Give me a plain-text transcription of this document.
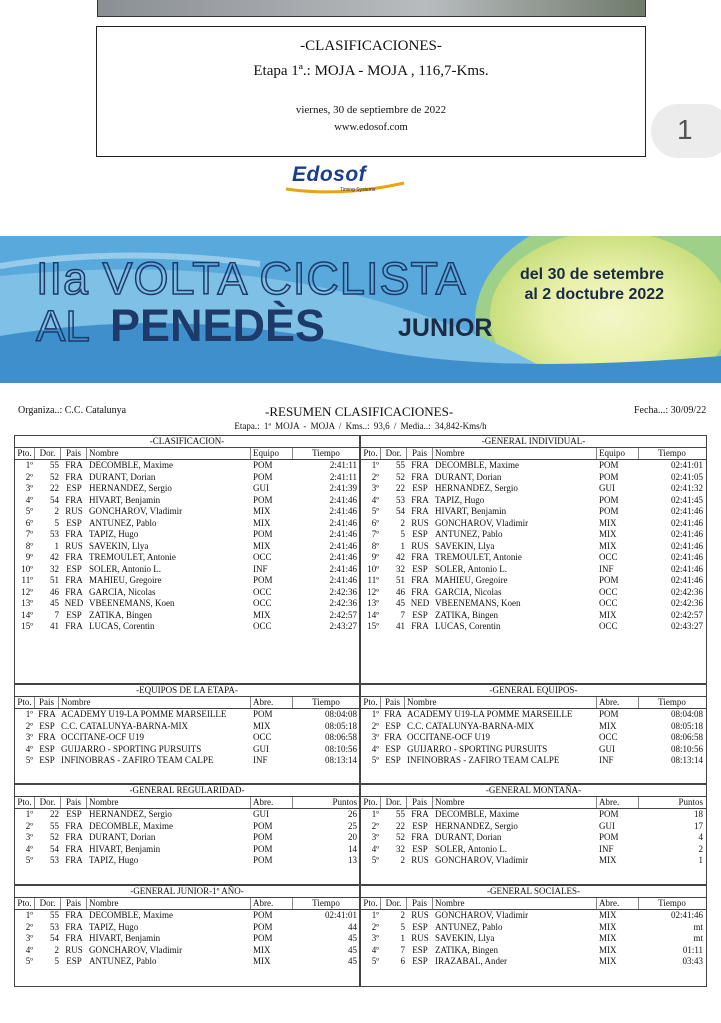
-CLASIFICACIONES-
Etapa 1ª.: MOJA - MOJA , 116,7-Kms.
viernes, 30 de septiembre de 2022
www.edosof.com	1
Edosof
Timing Systems
IIa VOLTA CICLISTA
AL PENEDÈS	JUNIOR
del 30 de setembre
al 2 doctubre 2022
Organiza..: C.C. Catalunya	-RESUMEN CLASIFICACIONES-	Fecha...: 30/09/22
Etapa.: 1ª MOJA - MOJA / Kms..: 93,6 / Media..: 34,842-Kms/h
-CLASIFICACION-
Pto. Dor.	Pais Nombre	Equipo	Tiempo
1º	55 FRA DECOMBLE, Maxime	POM	2:41:11
2º	52 FRA DURANT, Dorian	POM	2:41:11
3º	22 ESP HERNANDEZ, Sergio	GUI	2:41:39
4º	54 FRA HIVART, Benjamin	POM	2:41:46
5º	2 RUS GONCHAROV, Vladimir	MIX	2:41:46
6º	5 ESP ANTUNEZ, Pablo	MIX	2:41:46
7º	53 FRA TAPIZ, Hugo	POM	2:41:46
8º	1 RUS SAVEKIN, Llya	MIX	2:41:46
9º	42 FRA TREMOULET, Antonie	OCC	2:41:46
10º	32 ESP SOLER, Antonio L.	INF	2:41:46
11º	51 FRA MAHIEU, Gregoire	POM	2:41:46
12º	46 FRA GARCIA, Nicolas	OCC	2:42:36
13º	45 NED VBEENEMANS, Koen	OCC	2:42:36
14º	7 ESP ZATIKA, Bingen	MIX	2:42:57
15º	41 FRA LUCAS, Corentin	OCC	2:43:27
-GENERAL INDIVIDUAL-
Pto. Dor.	Pais Nombre	Equipo	Tiempo
1º	55 FRA DECOMBLE, Maxime	POM	02:41:01
2º	52 FRA DURANT, Dorian	POM	02:41:05
3º	22 ESP HERNANDEZ, Sergio	GUI	02:41:32
4º	53 FRA TAPIZ, Hugo	POM	02:41:45
5º	54 FRA HIVART, Benjamin	POM	02:41:46
6º	2 RUS GONCHAROV, Vladimir	MIX	02:41:46
7º	5 ESP ANTUNEZ, Pablo	MIX	02:41:46
8º	1 RUS SAVEKIN, Llya	MIX	02:41:46
9º	42 FRA TREMOULET, Antonie	OCC	02:41:46
10º	32 ESP SOLER, Antonio L.	INF	02:41:46
11º	51 FRA MAHIEU, Gregoire	POM	02:41:46
12º	46 FRA GARCIA, Nicolas	OCC	02:42:36
13º	45 NED VBEENEMANS, Koen	OCC	02:42:36
14º	7 ESP ZATIKA, Bingen	MIX	02:42:57
15º	41 FRA LUCAS, Corentin	OCC	02:43:27
-EQUIPOS DE LA ETAPA-
Pto. Pais Nombre	Abre.	Tiempo
1º FRA ACADEMY U19-LA POMME MARSEILLE	POM	08:04:08
2º ESP C.C. CATALUNYA-BARNA-MIX	MIX	08:05:18
3º FRA OCCITANE-OCF U19	OCC	08:06:58
4º ESP GUIJARRO - SPORTING PURSUITS	GUI	08:10:56
5º ESP INFINOBRAS - ZAFIRO TEAM CALPE	INF	08:13:14
-GENERAL EQUIPOS-
Pto. Pais Nombre	Abre.	Tiempo
1º FRA ACADEMY U19-LA POMME MARSEILLE	POM	08:04:08
2º ESP C.C. CATALUNYA-BARNA-MIX	MIX	08:05:18
3º FRA OCCITANE-OCF U19	OCC	08:06:58
4º ESP GUIJARRO - SPORTING PURSUITS	GUI	08:10:56
5º ESP INFINOBRAS - ZAFIRO TEAM CALPE	INF	08:13:14
-GENERAL REGULARIDAD-
Pto. Dor.	Pais Nombre	Abre.	Puntos
1º	22 ESP HERNANDEZ, Sergio	GUI	26
2º	55 FRA DECOMBLE, Maxime	POM	25
3º	52 FRA DURANT, Dorian	POM	20
4º	54 FRA HIVART, Benjamin	POM	14
5º	53 FRA TAPIZ, Hugo	POM	13
-GENERAL MONTAÑA-
Pto. Dor.	Pais Nombre	Abre.	Puntos
1º	55 FRA DECOMBLE, Maxime	POM	18
2º	22 ESP HERNANDEZ, Sergio	GUI	17
3º	52 FRA DURANT, Dorian	POM	4
4º	32 ESP SOLER, Antonio L.	INF	2
5º	2 RUS GONCHAROV, Vladimir	MIX	1
-GENERAL JUNIOR-1º AÑO-
Pto. Dor.	Pais Nombre	Abre.	Tiempo
1º	55 FRA DECOMBLE, Maxime	POM	02:41:01
2º	53 FRA TAPIZ, Hugo	POM	44
3º	54 FRA HIVART, Benjamin	POM	45
4º	2 RUS GONCHAROV, Vladimir	MIX	45
5º	5 ESP ANTUNEZ, Pablo	MIX	45
-GENERAL SOCIALES-
Pto. Dor.	Pais Nombre	Abre.	Tiempo
1º	2 RUS GONCHAROV, Vladimir	MIX	02:41:46
2º	5 ESP ANTUNEZ, Pablo	MIX	mt
3º	1 RUS SAVEKIN, Llya	MIX	mt
4º	7 ESP ZATIKA, Bingen	MIX	01:11
5º	6 ESP IRAZABAL, Ander	MIX	03:43
